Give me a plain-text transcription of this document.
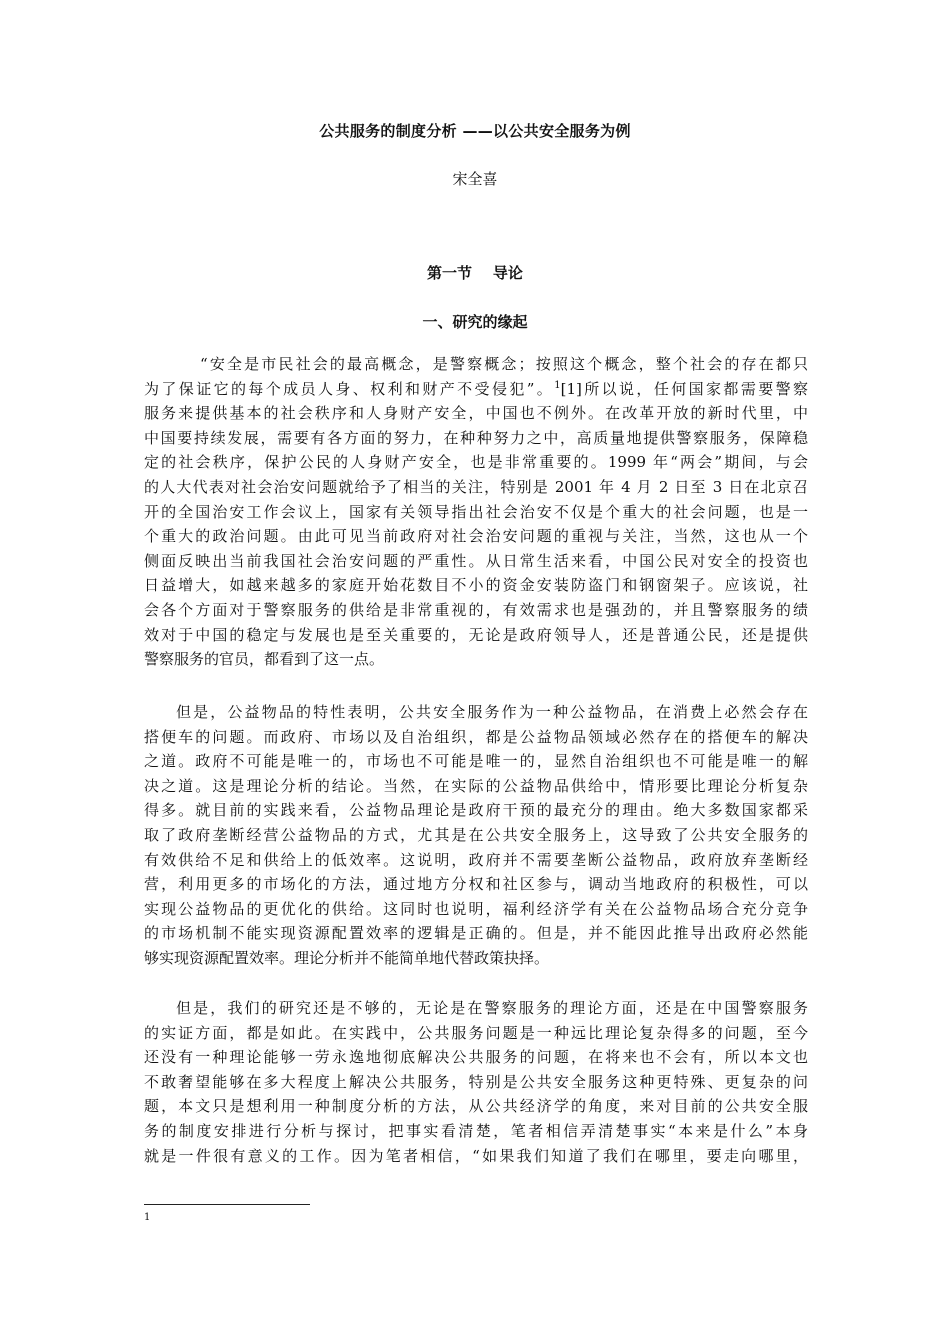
公共服务的制度分析 ——以公共安全服务为例
宋全喜
第一节    导论
一、研究的缘起
“安全是市民社会的最高概念，是警察概念；按照这个概念，整个社会的存在都只
为了保证它的每个成员人身、权利和财产不受侵犯”。$^1$[1]所以说，任何国家都需要警察
服务来提供基本的社会秩序和人身财产安全，中国也不例外。在改革开放的新时代里，中
中国要持续发展，需要有各方面的努力，在种种努力之中，高质量地提供警察服务，保障稳
定的社会秩序，保护公民的人身财产安全，也是非常重要的。1999 年“两会”期间，与会
的人大代表对社会治安问题就给予了相当的关注，特别是 2001 年 4 月 2 日至 3 日在北京召
开的全国治安工作会议上，国家有关领导指出社会治安不仅是个重大的社会问题，也是一
个重大的政治问题。由此可见当前政府对社会治安问题的重视与关注，当然，这也从一个
侧面反映出当前我国社会治安问题的严重性。从日常生活来看，中国公民对安全的投资也
日益增大，如越来越多的家庭开始花数目不小的资金安装防盗门和钢窗架子。应该说，社
会各个方面对于警察服务的供给是非常重视的，有效需求也是强劲的，并且警察服务的绩
效对于中国的稳定与发展也是至关重要的，无论是政府领导人，还是普通公民，还是提供
警察服务的官员，都看到了这一点。
但是，公益物品的特性表明，公共安全服务作为一种公益物品，在消费上必然会存在
搭便车的问题。而政府、市场以及自治组织，都是公益物品领域必然存在的搭便车的解决
之道。政府不可能是唯一的，市场也不可能是唯一的，显然自治组织也不可能是唯一的解
决之道。这是理论分析的结论。当然，在实际的公益物品供给中，情形要比理论分析复杂
得多。就目前的实践来看，公益物品理论是政府干预的最充分的理由。绝大多数国家都采
取了政府垄断经营公益物品的方式，尤其是在公共安全服务上，这导致了公共安全服务的
有效供给不足和供给上的低效率。这说明，政府并不需要垄断公益物品，政府放弃垄断经
营，利用更多的市场化的方法，通过地方分权和社区参与，调动当地政府的积极性，可以
实现公益物品的更优化的供给。这同时也说明，福利经济学有关在公益物品场合充分竞争
的市场机制不能实现资源配置效率的逻辑是正确的。但是，并不能因此推导出政府必然能
够实现资源配置效率。理论分析并不能简单地代替政策抉择。
但是，我们的研究还是不够的，无论是在警察服务的理论方面，还是在中国警察服务
的实证方面，都是如此。在实践中，公共服务问题是一种远比理论复杂得多的问题，至今
还没有一种理论能够一劳永逸地彻底解决公共服务的问题，在将来也不会有，所以本文也
不敢奢望能够在多大程度上解决公共服务，特别是公共安全服务这种更特殊、更复杂的问
题，本文只是想利用一种制度分析的方法，从公共经济学的角度，来对目前的公共安全服
务的制度安排进行分析与探讨，把事实看清楚，笔者相信弄清楚事实“本来是什么”本身
就是一件很有意义的工作。因为笔者相信，“如果我们知道了我们在哪里，要走向哪里，
1
